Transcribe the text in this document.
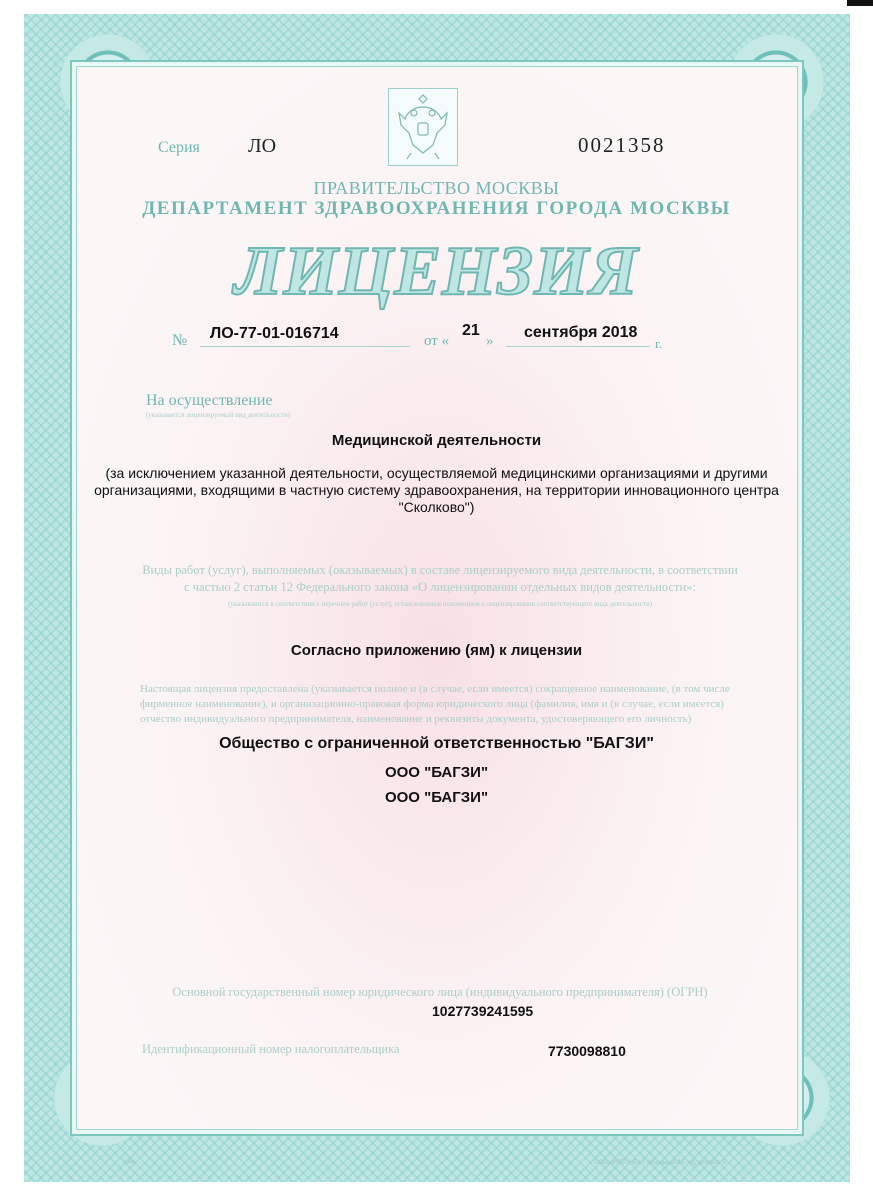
Серия ЛО	0021358
ПРАВИТЕЛЬСТВО МОСКВЫ
ДЕПАРТАМЕНТ ЗДРАВООХРАНЕНИЯ ГОРОДА МОСКВЫ
ЛИЦЕНЗИЯ
№ ЛО-77-01-016714	от «
21
» сентября 2018
г.
На осуществление
(указывается лицензируемый вид деятельности)
Медицинской деятельности
(за исключением указанной деятельности, осуществляемой медицинскими организациями и другими организациями, входящими в частную систему здравоохранения, на территории инновационного центра "Сколково")
Виды работ (услуг), выполняемых (оказываемых) в составе лицензируемого вида деятельности, в соответствии с частью 2 статьи 12 Федерального закона «О лицензировании отдельных видов деятельности»:
(указываются в соответствии с перечнем работ (услуг), установленным положением о лицензировании соответствующего вида деятельности)
Согласно приложению (ям) к лицензии
Настоящая лицензия предоставлена (указывается полное и (в случае, если имеется) сокращенное наименование, (в том числе фирменное наименование), и организационно-правовая форма юридического лица (фамилия, имя и (в случае, если имеется) отчество индивидуального предпринимателя, наименование и реквизиты документа, удостоверяющего его личность)
Общество с ограниченной ответственностью "БАГЗИ"
ООО "БАГЗИ"
ООО "БАГЗИ"
Основной государственный номер юридического лица (индивидуального предпринимателя) (ОГРН)
1027739241595
Идентификационный номер налогоплательщика	7730098810
А4К	ООО «ИРТОНЕ» г. Москва, 2018 год, уровень Б
